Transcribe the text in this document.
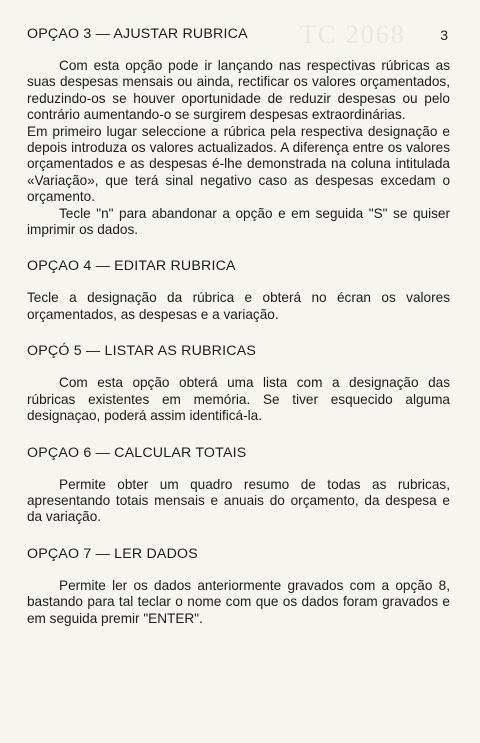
TC 2068 3
OPÇAO 3 — AJUSTAR RUBRICA

Com esta opção pode ir lançando nas respectivas rúbricas as suas despesas mensais ou ainda, rectificar os valores orçamentados, reduzindo-os se houver oportunidade de reduzir despesas ou pelo contrário aumentando-o se surgirem despesas extraordinárias.

Em primeiro lugar seleccione a rúbrica pela respectiva designação e depois introduza os valores actualizados. A diferença entre os valores orçamentados e as despesas é-lhe demonstrada na coluna intitulada «Variação», que terá sinal negativo caso as despesas excedam o orçamento.

Tecle "n" para abandonar a opção e em seguida "S" se quiser imprimir os dados.

OPÇAO 4 — EDITAR RUBRICA

Tecle a designação da rúbrica e obterá no écran os valores orçamentados, as despesas e a variação.

OPÇÓ 5 — LISTAR AS RUBRICAS

Com esta opção obterá uma lista com a designação das rúbricas existentes em memória. Se tiver esquecido alguma designaçao, poderá assim identificá-la.

OPÇAO 6 — CALCULAR TOTAIS

Permite obter um quadro resumo de todas as rubricas, apresentando totais mensais e anuais do orçamento, da despesa e da variação.

OPÇAO 7 — LER DADOS

Permite ler os dados anteriormente gravados com a opção 8, bastando para tal teclar o nome com que os dados foram gravados e em seguida premir "ENTER".
